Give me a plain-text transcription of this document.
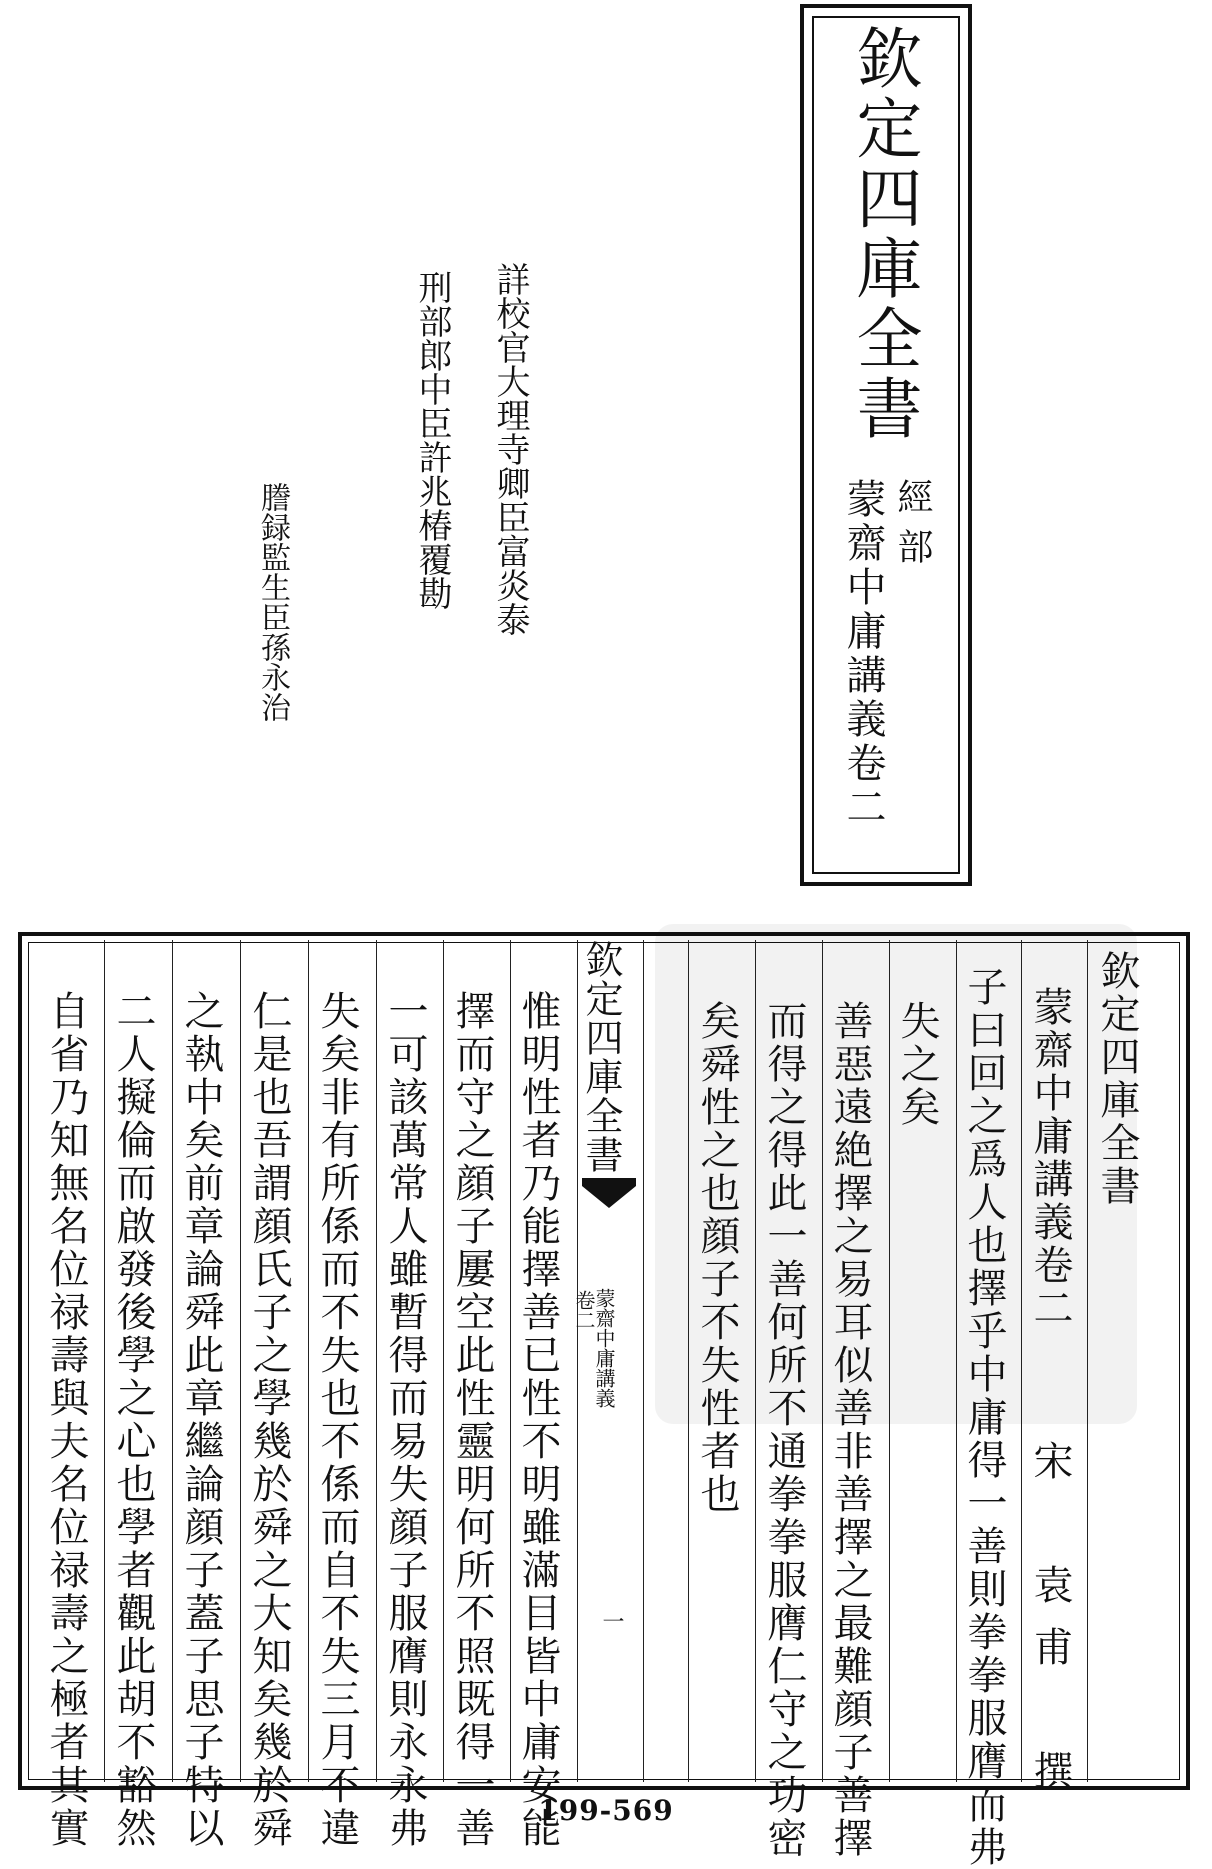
欽定四庫全書
經部
蒙齋中庸講義卷二
詳校官大理寺卿臣富炎泰
刑部郎中臣許兆椿覆勘
謄録監生臣孫永治
欽定四庫全書
蒙齋中庸講義卷二
宋　袁甫　撰
子曰回之爲人也擇乎中庸得一善則拳拳服膺而弗
失之矣
善惡遠絶擇之易耳似善非善擇之最難顔子善擇
而得之得此一善何所不通拳拳服膺仁守之功密
矣舜性之也顔子不失性者也
欽定四庫全書
蒙齋中庸講義
卷二
一
惟明性者乃能擇善已性不明雖滿目皆中庸安能
擇而守之顔子屢空此性靈明何所不照既得一善
一可該萬常人雖暫得而易失顔子服膺則永永弗
失矣非有所係而不失也不係而自不失三月不違
仁是也吾謂顔氏子之學幾於舜之大知矣幾於舜
之執中矣前章論舜此章繼論顔子蓋子思子特以
二人擬倫而啟發後學之心也學者觀此胡不豁然
自省乃知無名位禄壽與夫名位禄壽之極者其實	199-569
